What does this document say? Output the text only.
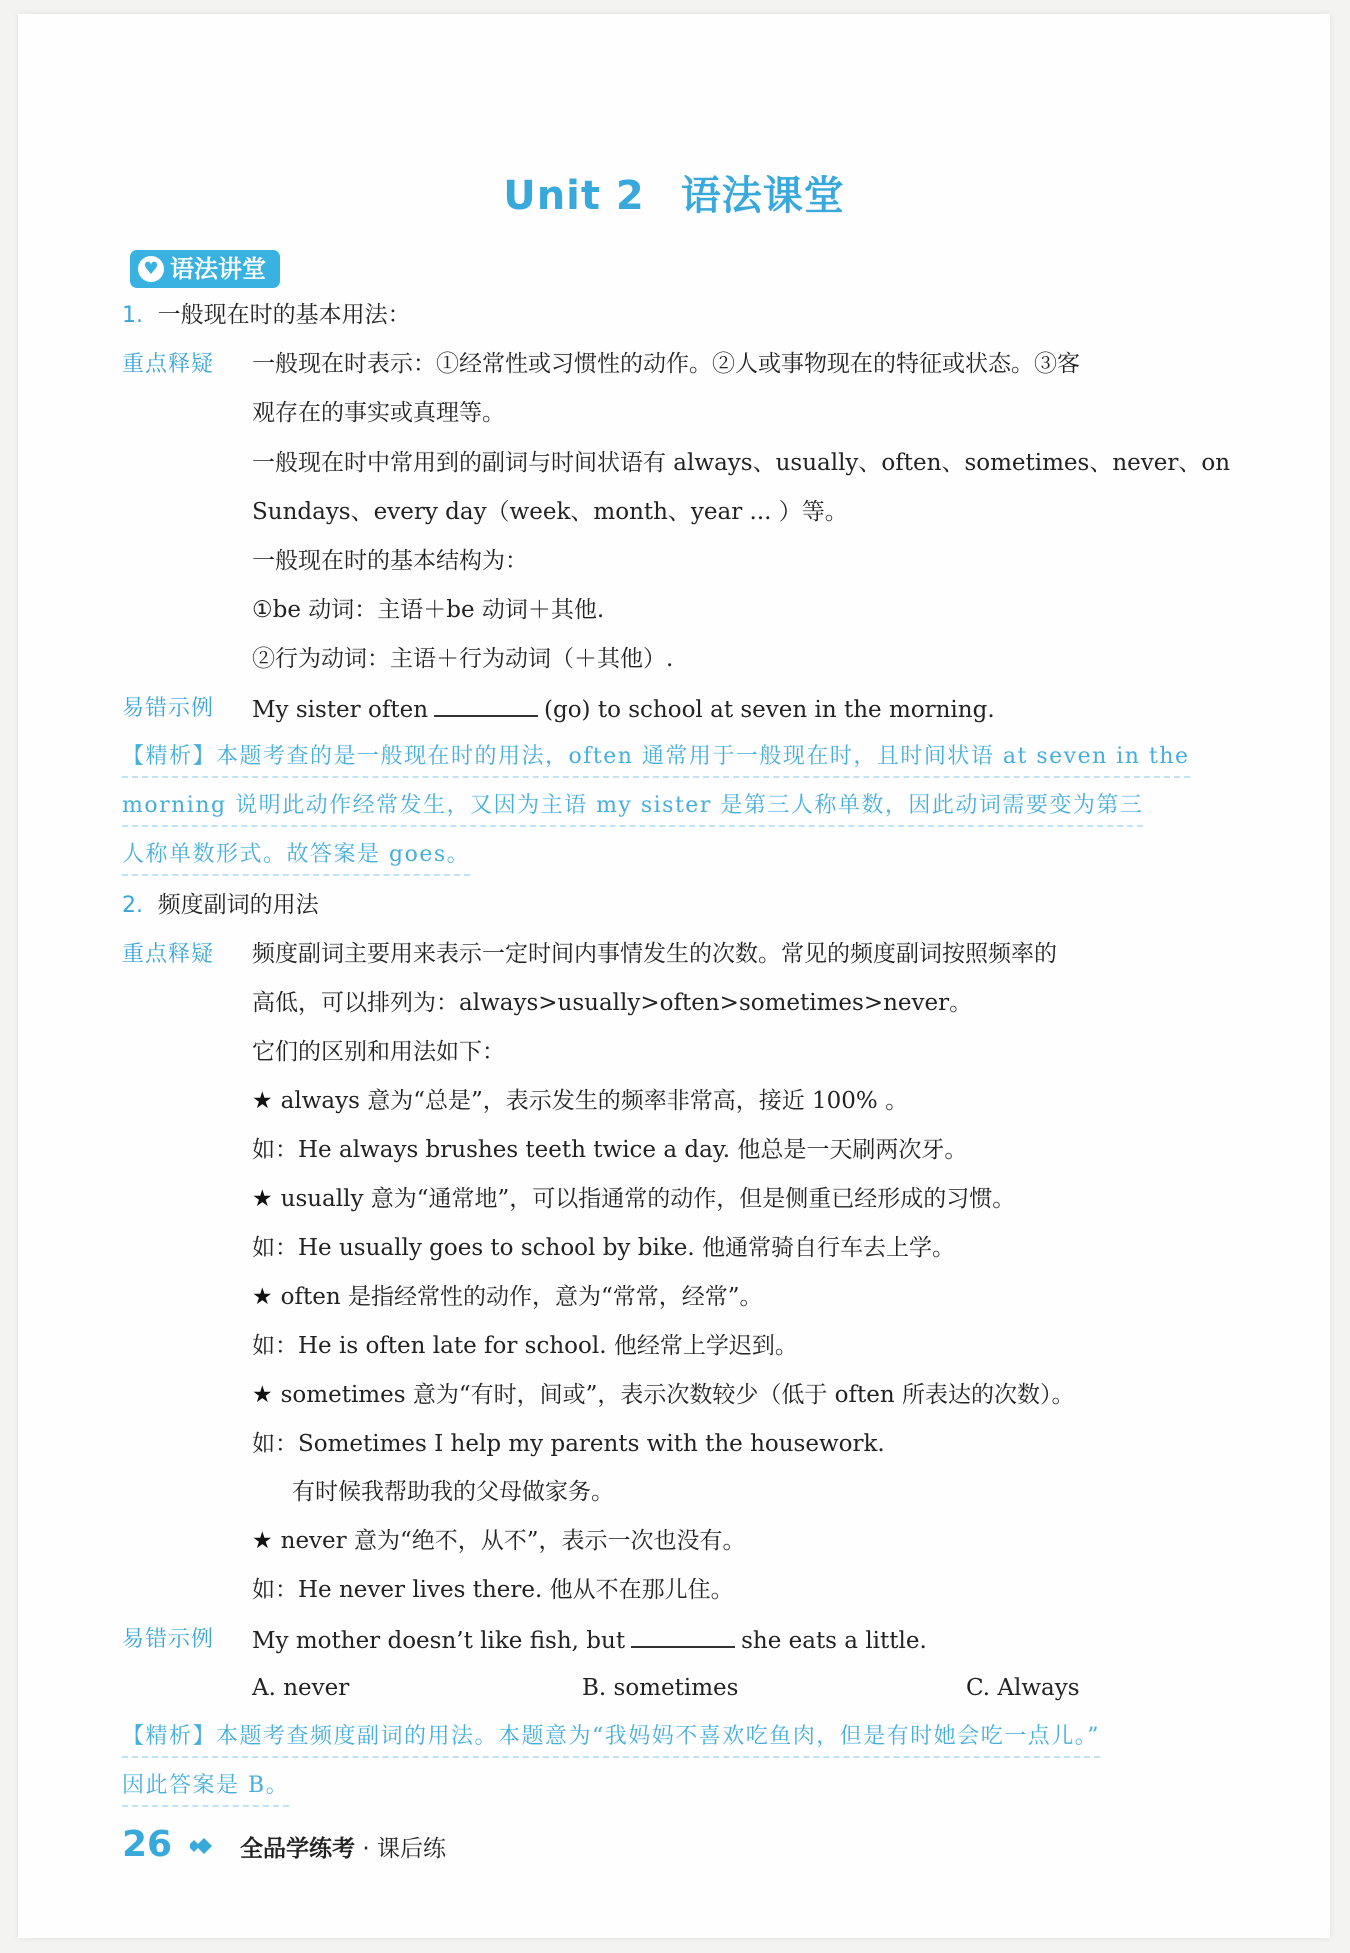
Unit 2 语法课堂
♥ 语法讲堂
1. 一般现在时的基本用法：
重点释疑 一般现在时表示：①经常性或习惯性的动作。②人或事物现在的特征或状态。③客
观存在的事实或真理等。
一般现在时中常用到的副词与时间状语有 always、usually、often、sometimes、never、on
Sundays、every day（week、month、year ... ）等。
一般现在时的基本结构为：
①be 动词：主语＋be 动词＋其他.
②行为动词：主语＋行为动词（＋其他）.
易错示例 My sister often	(go) to school at seven in the morning.
【精析】本题考查的是一般现在时的用法，often 通常用于一般现在时，且时间状语 at seven in the
morning 说明此动作经常发生，又因为主语 my sister 是第三人称单数，因此动词需要变为第三
人称单数形式。故答案是 goes。
2. 频度副词的用法
重点释疑 频度副词主要用来表示一定时间内事情发生的次数。常见的频度副词按照频率的
高低，可以排列为：always>usually>often>sometimes>never。
它们的区别和用法如下：
★ always 意为“总是”，表示发生的频率非常高，接近 100% 。
如：He always brushes teeth twice a day. 他总是一天刷两次牙。
★ usually 意为“通常地”，可以指通常的动作，但是侧重已经形成的习惯。
如：He usually goes to school by bike. 他通常骑自行车去上学。
★ often 是指经常性的动作，意为“常常，经常”。
如：He is often late for school. 他经常上学迟到。
★ sometimes 意为“有时，间或”，表示次数较少（低于 often 所表达的次数）。
如：Sometimes I help my parents with the housework.
有时候我帮助我的父母做家务。
★ never 意为“绝不，从不”，表示一次也没有。
如：He never lives there. 他从不在那儿住。
易错示例 My mother doesn’t like fish, but	she eats a little.
A. never	B. sometimes	C. Always
【精析】本题考查频度副词的用法。本题意为“我妈妈不喜欢吃鱼肉，但是有时她会吃一点儿。”
因此答案是 B。
26	全品学练考 · 课后练
